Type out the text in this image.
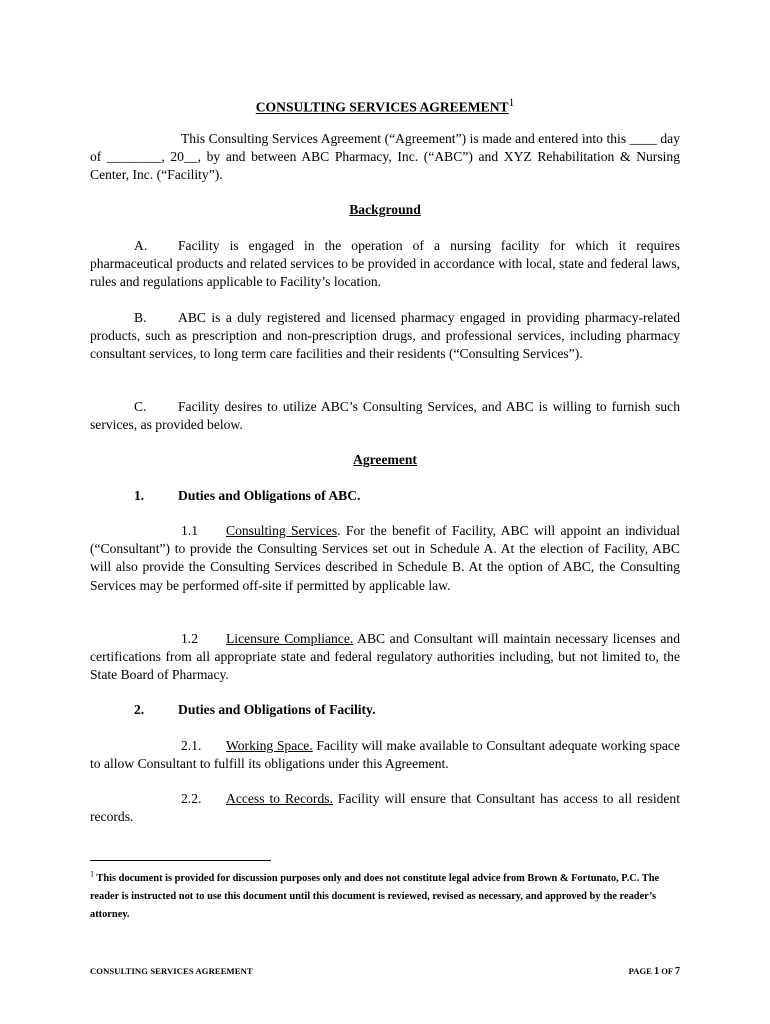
CONSULTING SERVICES AGREEMENT$^1$
This Consulting Services Agreement (“Agreement”) is made and entered into this ____ day of ________, 20__, by and between ABC Pharmacy, Inc. (“ABC”) and XYZ Rehabilitation & Nursing Center, Inc. (“Facility”).
Background
A. Facility is engaged in the operation of a nursing facility for which it requires pharmaceutical products and related services to be provided in accordance with local, state and federal laws, rules and regulations applicable to Facility’s location.
B. ABC is a duly registered and licensed pharmacy engaged in providing pharmacy-related products, such as prescription and non-prescription drugs, and professional services, including pharmacy consultant services, to long term care facilities and their residents (“Consulting Services”).
C. Facility desires to utilize ABC’s Consulting Services, and ABC is willing to furnish such services, as provided below.
Agreement
1. Duties and Obligations of ABC.
1.1 Consulting Services. For the benefit of Facility, ABC will appoint an individual (“Consultant”) to provide the Consulting Services set out in Schedule A. At the election of Facility, ABC will also provide the Consulting Services described in Schedule B. At the option of ABC, the Consulting Services may be performed off-site if permitted by applicable law.
1.2 Licensure Compliance. ABC and Consultant will maintain necessary licenses and certifications from all appropriate state and federal regulatory authorities including, but not limited to, the State Board of Pharmacy.
2. Duties and Obligations of Facility.
2.1. Working Space. Facility will make available to Consultant adequate working space to allow Consultant to fulfill its obligations under this Agreement.
2.2. Access to Records. Facility will ensure that Consultant has access to all resident records.
$^1$ This document is provided for discussion purposes only and does not constitute legal advice from Brown & Fortunato, P.C. The reader is instructed not to use this document until this document is reviewed, revised as necessary, and approved by the reader’s attorney.
CONSULTING SERVICES AGREEMENT	PAGE 1 OF 7
